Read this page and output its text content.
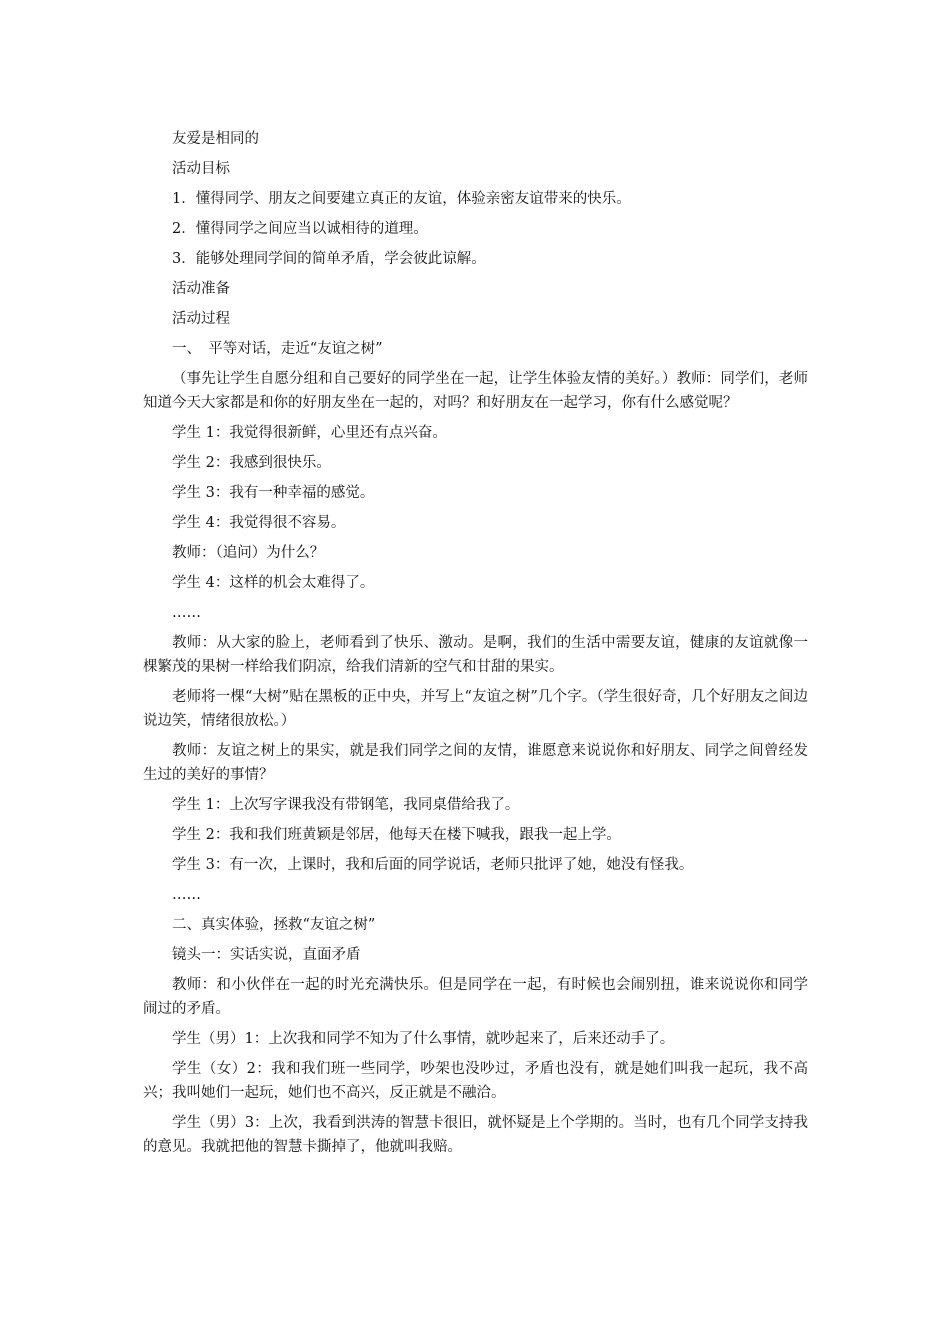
友爱是相同的

活动目标

1．懂得同学、朋友之间要建立真正的友谊，体验亲密友谊带来的快乐。

2．懂得同学之间应当以诚相待的道理。

3．能够处理同学间的简单矛盾，学会彼此谅解。

活动准备

活动过程

一、　平等对话，走近“友谊之树”

（事先让学生自愿分组和自己要好的同学坐在一起，让学生体验友情的美好。）教师：同学们，老师知道今天大家都是和你的好朋友坐在一起的，对吗？和好朋友在一起学习，你有什么感觉呢？

学生 1：我觉得很新鲜，心里还有点兴奋。

学生 2：我感到很快乐。

学生 3：我有一种幸福的感觉。

学生 4：我觉得很不容易。

教师：（追问）为什么？

学生 4：这样的机会太难得了。

……

教师：从大家的脸上，老师看到了快乐、激动。是啊，我们的生活中需要友谊，健康的友谊就像一棵繁茂的果树一样给我们阴凉，给我们清新的空气和甘甜的果实。

老师将一棵“大树”贴在黑板的正中央，并写上“友谊之树”几个字。（学生很好奇，几个好朋友之间边说边笑，情绪很放松。）

教师：友谊之树上的果实，就是我们同学之间的友情，谁愿意来说说你和好朋友、同学之间曾经发生过的美好的事情？

学生 1：上次写字课我没有带钢笔，我同桌借给我了。

学生 2：我和我们班黄颖是邻居，他每天在楼下喊我，跟我一起上学。

学生 3：有一次，上课时，我和后面的同学说话，老师只批评了她，她没有怪我。

……

二、真实体验，拯救“友谊之树”

镜头一：实话实说，直面矛盾

教师：和小伙伴在一起的时光充满快乐。但是同学在一起，有时候也会闹别扭，谁来说说你和同学闹过的矛盾。

学生（男）1：上次我和同学不知为了什么事情，就吵起来了，后来还动手了。

学生（女）2：我和我们班一些同学，吵架也没吵过，矛盾也没有，就是她们叫我一起玩，我不高兴；我叫她们一起玩，她们也不高兴，反正就是不融洽。

学生（男）3：上次，我看到洪涛的智慧卡很旧，就怀疑是上个学期的。当时，也有几个同学支持我的意见。我就把他的智慧卡撕掉了，他就叫我赔。
